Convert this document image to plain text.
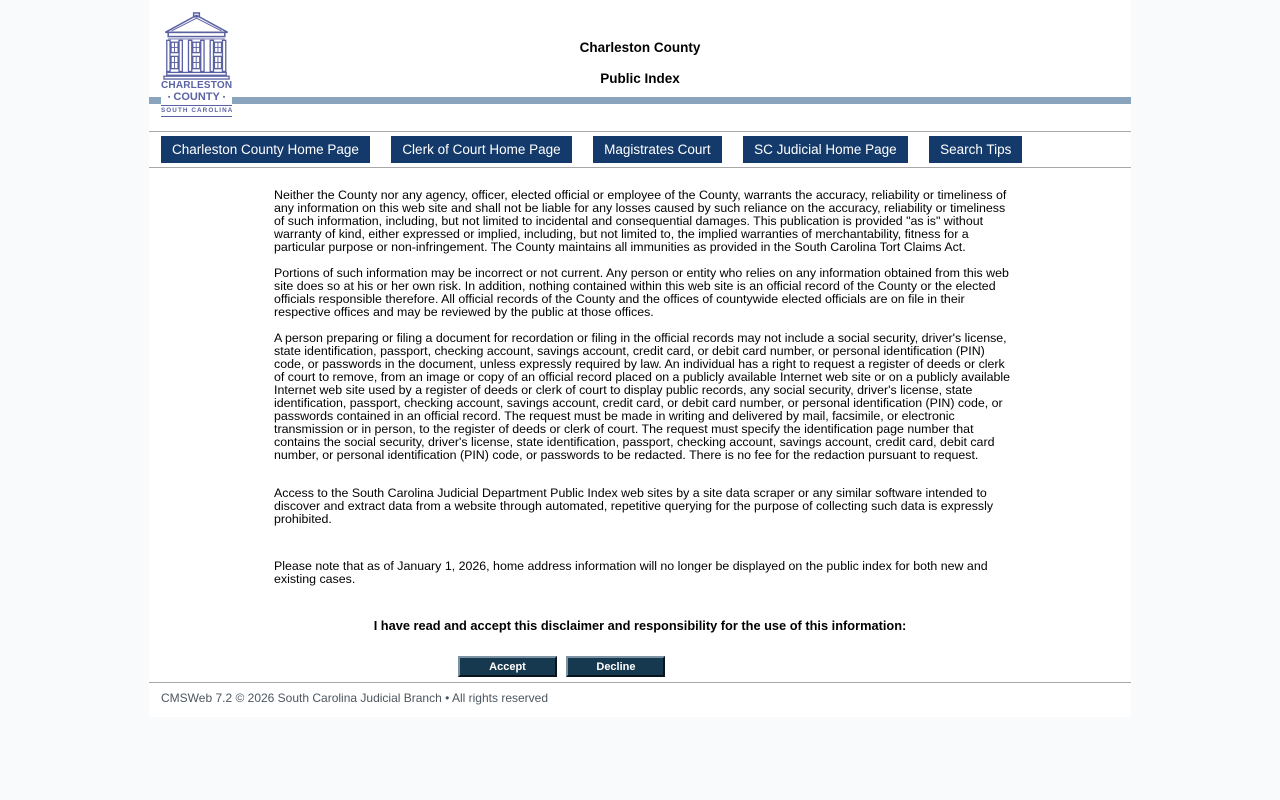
CHARLESTON
▪ COUNTY ▪
SOUTH CAROLINA
Charleston County
Public Index
Charleston County Home Page	Clerk of Court Home Page	Magistrates Court	SC Judicial Home Page	Search Tips

Neither the County nor any agency, officer, elected official or employee of the County, warrants the accuracy, reliability or timeliness of any information on this web site and shall not be liable for any losses caused by such reliance on the accuracy, reliability or timeliness of such information, including, but not limited to incidental and consequential damages. This publication is provided "as is" without warranty of kind, either expressed or implied, including, but not limited to, the implied warranties of merchantability, fitness for a particular purpose or non-infringement. The County maintains all immunities as provided in the South Carolina Tort Claims Act.

Portions of such information may be incorrect or not current. Any person or entity who relies on any information obtained from this web site does so at his or her own risk. In addition, nothing contained within this web site is an official record of the County or the elected officials responsible therefore. All official records of the County and the offices of countywide elected officials are on file in their respective offices and may be reviewed by the public at those offices.

A person preparing or filing a document for recordation or filing in the official records may not include a social security, driver's license, state identification, passport, checking account, savings account, credit card, or debit card number, or personal identification (PIN) code, or passwords in the document, unless expressly required by law. An individual has a right to request a register of deeds or clerk of court to remove, from an image or copy of an official record placed on a publicly available Internet web site or on a publicly available Internet web site used by a register of deeds or clerk of court to display public records, any social security, driver's license, state identification, passport, checking account, savings account, credit card, or debit card number, or personal identification (PIN) code, or passwords contained in an official record. The request must be made in writing and delivered by mail, facsimile, or electronic transmission or in person, to the register of deeds or clerk of court. The request must specify the identification page number that contains the social security, driver's license, state identification, passport, checking account, savings account, credit card, debit card number, or personal identification (PIN) code, or passwords to be redacted. There is no fee for the redaction pursuant to request.

Access to the South Carolina Judicial Department Public Index web sites by a site data scraper or any similar software intended to discover and extract data from a website through automated, repetitive querying for the purpose of collecting such data is expressly prohibited.

Please note that as of January 1, 2026, home address information will no longer be displayed on the public index for both new and existing cases.

I have read and accept this disclaimer and responsibility for the use of this information:
Accept	Decline
CMSWeb 7.2 © 2026 South Carolina Judicial Branch • All rights reserved
